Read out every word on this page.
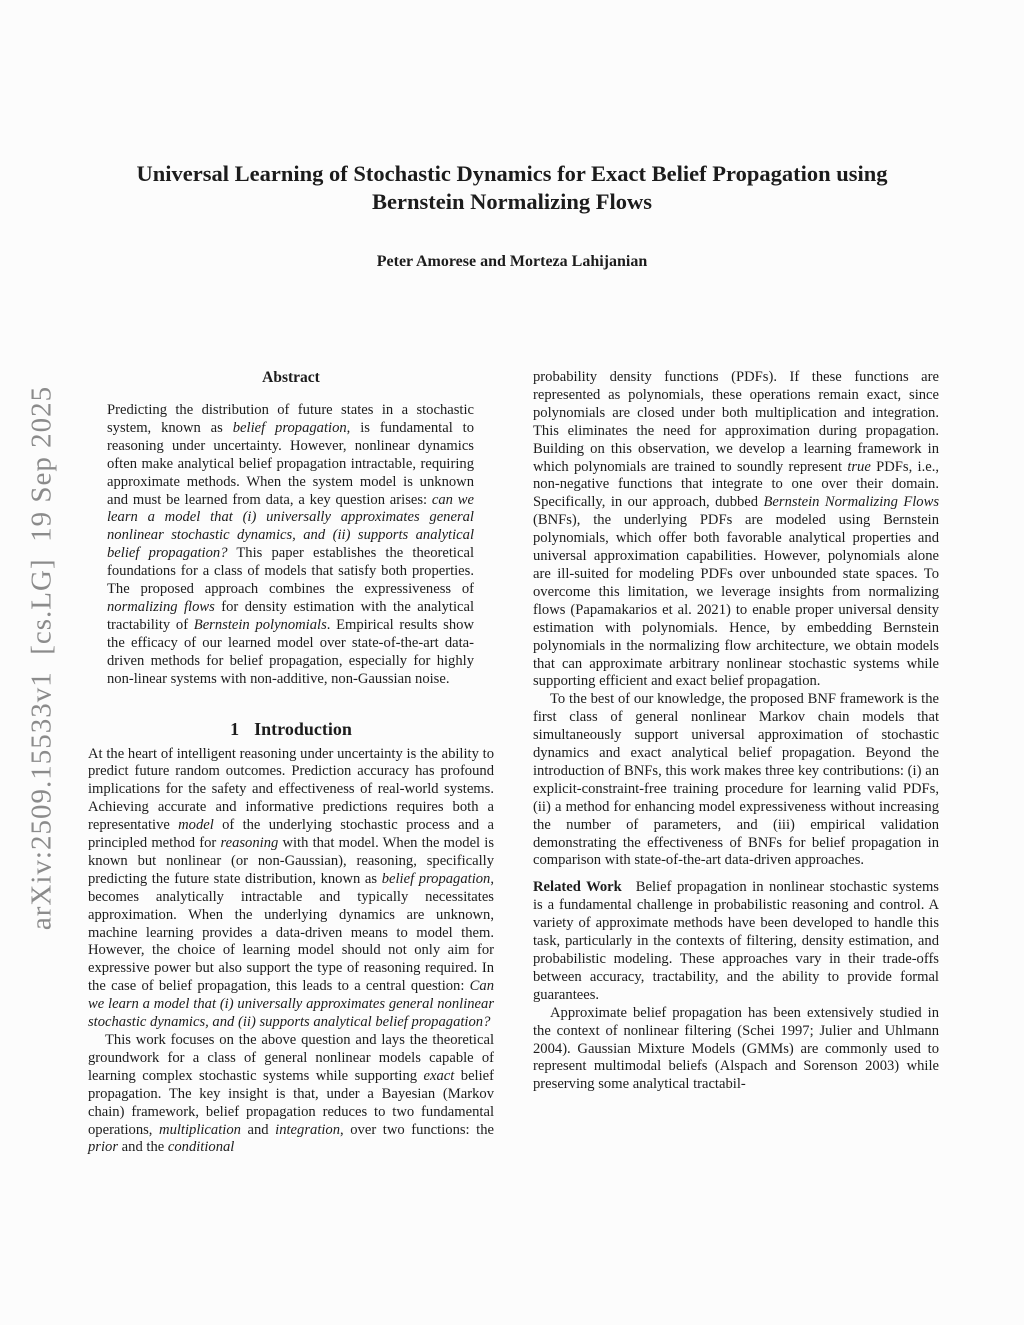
arXiv:2509.15533v1  [cs.LG]  19 Sep 2025
Universal Learning of Stochastic Dynamics for Exact Belief Propagation using
Bernstein Normalizing Flows
Peter Amorese and Morteza Lahijanian
Abstract

Predicting the distribution of future states in a stochastic system, known as belief propagation, is fundamental to reasoning under uncertainty. However, nonlinear dynamics often make analytical belief propagation intractable, requiring approximate methods. When the system model is unknown and must be learned from data, a key question arises: can we learn a model that (i) universally approximates general nonlinear stochastic dynamics, and (ii) supports analytical belief propagation? This paper establishes the theoretical foundations for a class of models that satisfy both properties. The proposed approach combines the expressiveness of normalizing flows for density estimation with the analytical tractability of Bernstein polynomials. Empirical results show the efficacy of our learned model over state-of-the-art data-driven methods for belief propagation, especially for highly non-linear systems with non-additive, non-Gaussian noise.

1 Introduction

At the heart of intelligent reasoning under uncertainty is the ability to predict future random outcomes. Prediction accuracy has profound implications for the safety and effectiveness of real-world systems. Achieving accurate and informative predictions requires both a representative model of the underlying stochastic process and a principled method for reasoning with that model. When the model is known but nonlinear (or non-Gaussian), reasoning, specifically predicting the future state distribution, known as belief propagation, becomes analytically intractable and typically necessitates approximation. When the underlying dynamics are unknown, machine learning provides a data-driven means to model them. However, the choice of learning model should not only aim for expressive power but also support the type of reasoning required. In the case of belief propagation, this leads to a central question: Can we learn a model that (i) universally approximates general nonlinear stochastic dynamics, and (ii) supports analytical belief propagation?

This work focuses on the above question and lays the theoretical groundwork for a class of general nonlinear models capable of learning complex stochastic systems while supporting exact belief propagation. The key insight is that, under a Bayesian (Markov chain) framework, belief propagation reduces to two fundamental operations, multiplication and integration, over two functions: the prior and the conditional

probability density functions (PDFs). If these functions are represented as polynomials, these operations remain exact, since polynomials are closed under both multiplication and integration. This eliminates the need for approximation during propagation. Building on this observation, we develop a learning framework in which polynomials are trained to soundly represent true PDFs, i.e., non-negative functions that integrate to one over their domain. Specifically, in our approach, dubbed Bernstein Normalizing Flows (BNFs), the underlying PDFs are modeled using Bernstein polynomials, which offer both favorable analytical properties and universal approximation capabilities. However, polynomials alone are ill-suited for modeling PDFs over unbounded state spaces. To overcome this limitation, we leverage insights from normalizing flows (Papamakarios et al. 2021) to enable proper universal density estimation with polynomials. Hence, by embedding Bernstein polynomials in the normalizing flow architecture, we obtain models that can approximate arbitrary nonlinear stochastic systems while supporting efficient and exact belief propagation.

To the best of our knowledge, the proposed BNF framework is the first class of general nonlinear Markov chain models that simultaneously support universal approximation of stochastic dynamics and exact analytical belief propagation. Beyond the introduction of BNFs, this work makes three key contributions: (i) an explicit-constraint-free training procedure for learning valid PDFs, (ii) a method for enhancing model expressiveness without increasing the number of parameters, and (iii) empirical validation demonstrating the effectiveness of BNFs for belief propagation in comparison with state-of-the-art data-driven approaches.

Related Work Belief propagation in nonlinear stochastic systems is a fundamental challenge in probabilistic reasoning and control. A variety of approximate methods have been developed to handle this task, particularly in the contexts of filtering, density estimation, and probabilistic modeling. These approaches vary in their trade-offs between accuracy, tractability, and the ability to provide formal guarantees.

Approximate belief propagation has been extensively studied in the context of nonlinear filtering (Schei 1997; Julier and Uhlmann 2004). Gaussian Mixture Models (GMMs) are commonly used to represent multimodal beliefs (Alspach and Sorenson 2003) while preserving some analytical tractabil-
